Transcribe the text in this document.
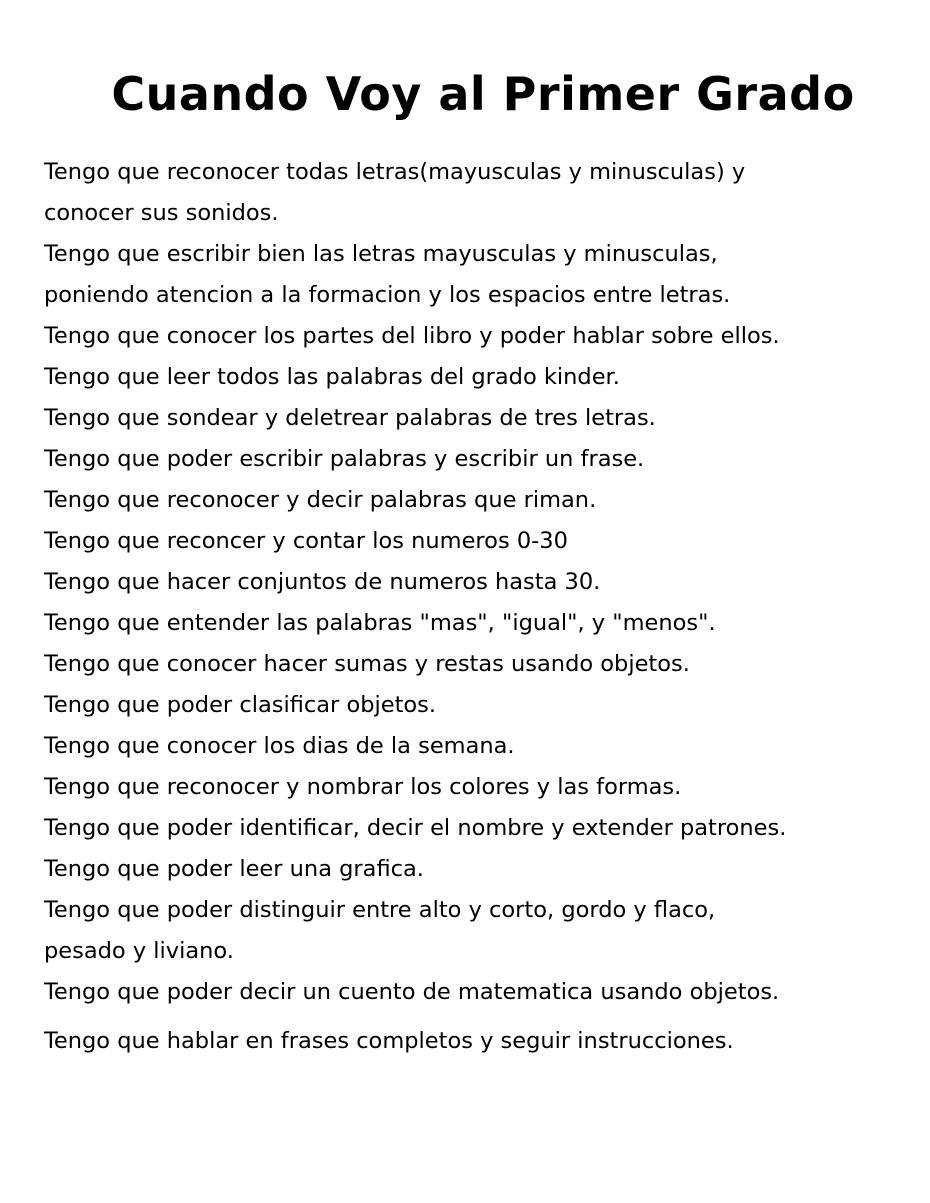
Cuando Voy al Primer Grado
Tengo que reconocer todas letras(mayusculas y minusculas) y
conocer sus sonidos.
Tengo que escribir bien las letras mayusculas y minusculas,
poniendo atencion a la formacion y los espacios entre letras.
Tengo que conocer los partes del libro y poder hablar sobre ellos.
Tengo que leer todos las palabras del grado kinder.
Tengo que sondear y deletrear palabras de tres letras.
Tengo que poder escribir palabras y escribir un frase.
Tengo que reconocer y decir palabras que riman.
Tengo que reconcer y contar los numeros 0-30
Tengo que hacer conjuntos de numeros hasta 30.
Tengo que entender las palabras "mas", "igual", y "menos".
Tengo que conocer hacer sumas y restas usando objetos.
Tengo que poder clasificar objetos.
Tengo que conocer los dias de la semana.
Tengo que reconocer y nombrar los colores y las formas.
Tengo que poder identificar, decir el nombre y extender patrones.
Tengo que poder leer una grafica.
Tengo que poder distinguir entre alto y corto, gordo y flaco,
pesado y liviano.
Tengo que poder decir un cuento de matematica usando objetos.
Tengo que hablar en frases completos y seguir instrucciones.
